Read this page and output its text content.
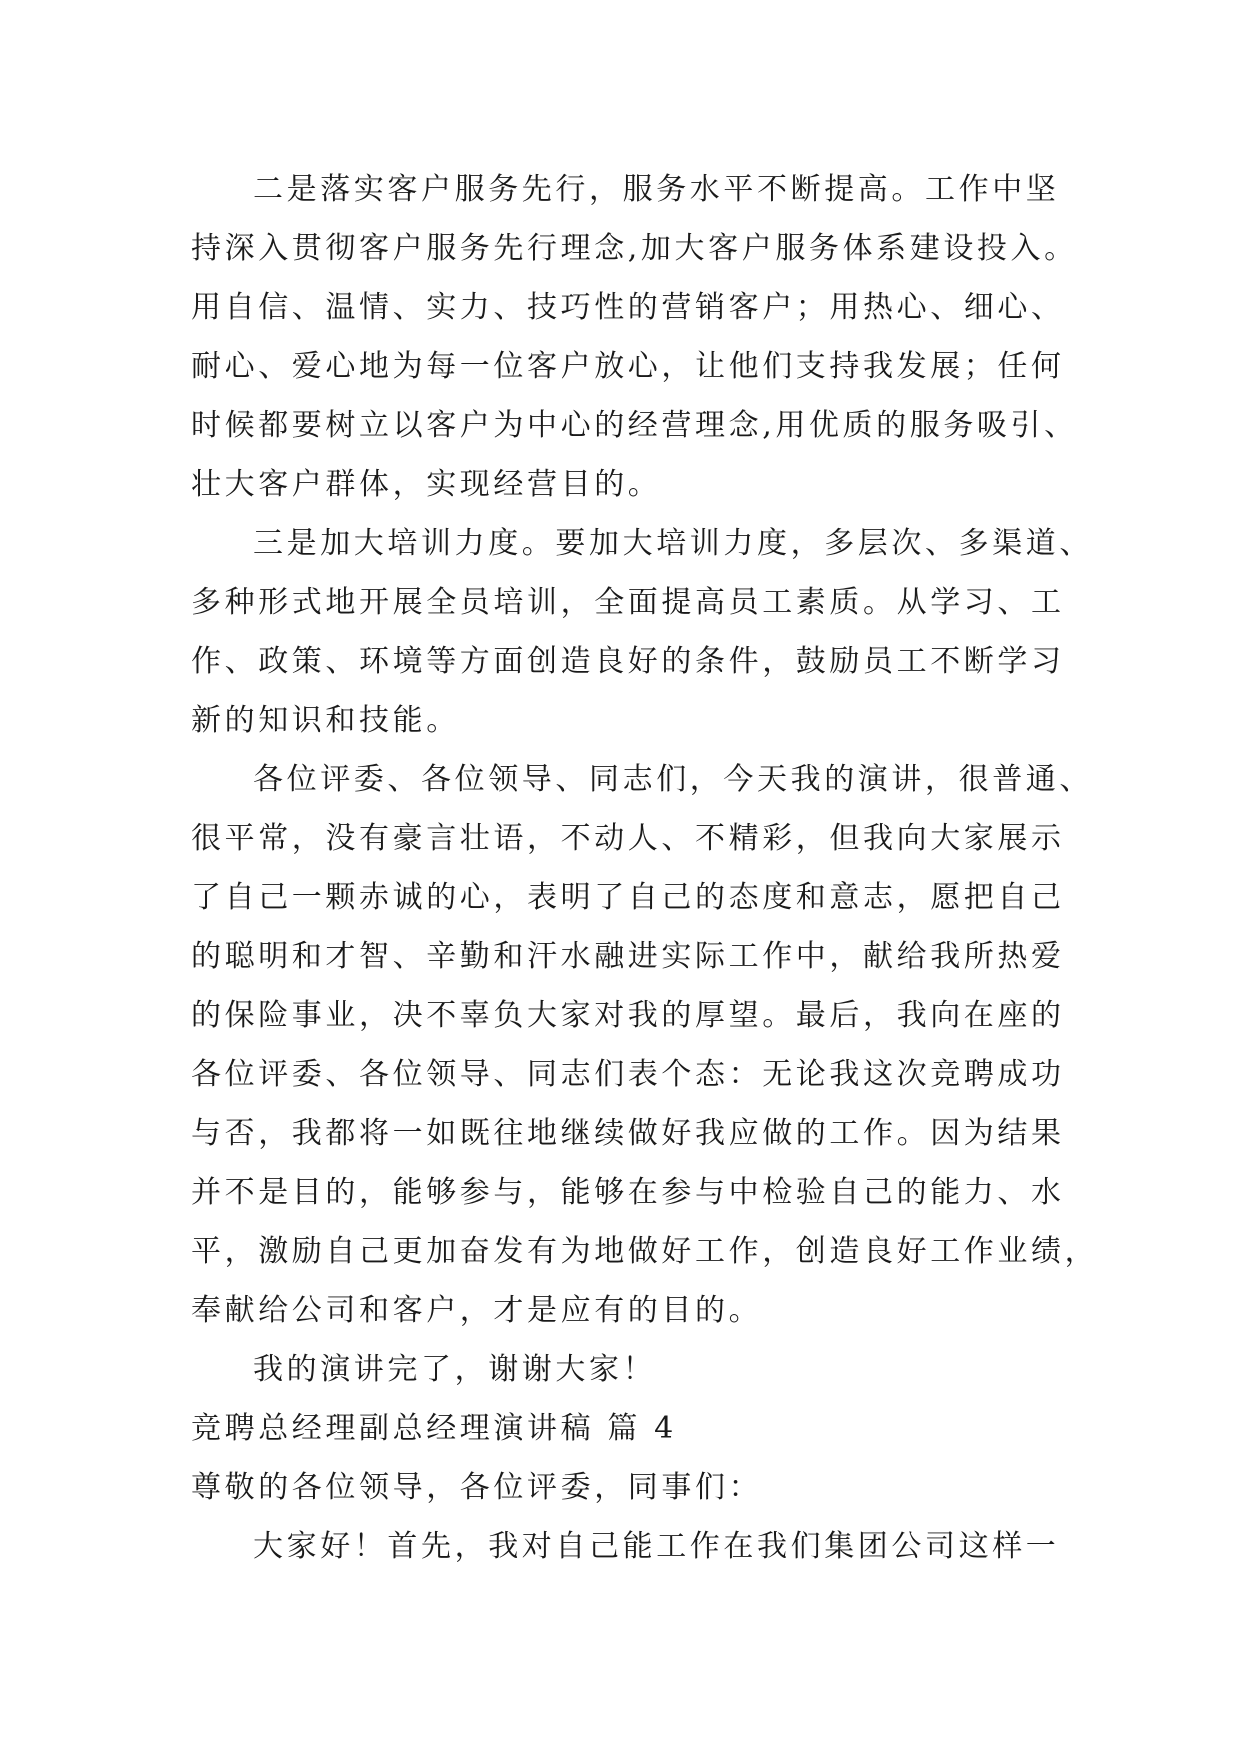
二是落实客户服务先行，服务水平不断提高。工作中坚
持深入贯彻客户服务先行理念,加大客户服务体系建设投入。
用自信、温情、实力、技巧性的营销客户；用热心、细心、
耐心、爱心地为每一位客户放心，让他们支持我发展；任何
时候都要树立以客户为中心的经营理念,用优质的服务吸引、
壮大客户群体，实现经营目的。
三是加大培训力度。要加大培训力度，多层次、多渠道、
多种形式地开展全员培训，全面提高员工素质。从学习、工
作、政策、环境等方面创造良好的条件，鼓励员工不断学习
新的知识和技能。
各位评委、各位领导、同志们，今天我的演讲，很普通、
很平常，没有豪言壮语，不动人、不精彩，但我向大家展示
了自己一颗赤诚的心，表明了自己的态度和意志，愿把自己
的聪明和才智、辛勤和汗水融进实际工作中，献给我所热爱
的保险事业，决不辜负大家对我的厚望。最后，我向在座的
各位评委、各位领导、同志们表个态：无论我这次竞聘成功
与否，我都将一如既往地继续做好我应做的工作。因为结果
并不是目的，能够参与，能够在参与中检验自己的能力、水
平，激励自己更加奋发有为地做好工作，创造良好工作业绩，
奉献给公司和客户，才是应有的目的。
我的演讲完了，谢谢大家！
竞聘总经理副总经理演讲稿 篇 4
尊敬的各位领导，各位评委，同事们：
大家好！首先，我对自己能工作在我们集团公司这样一
